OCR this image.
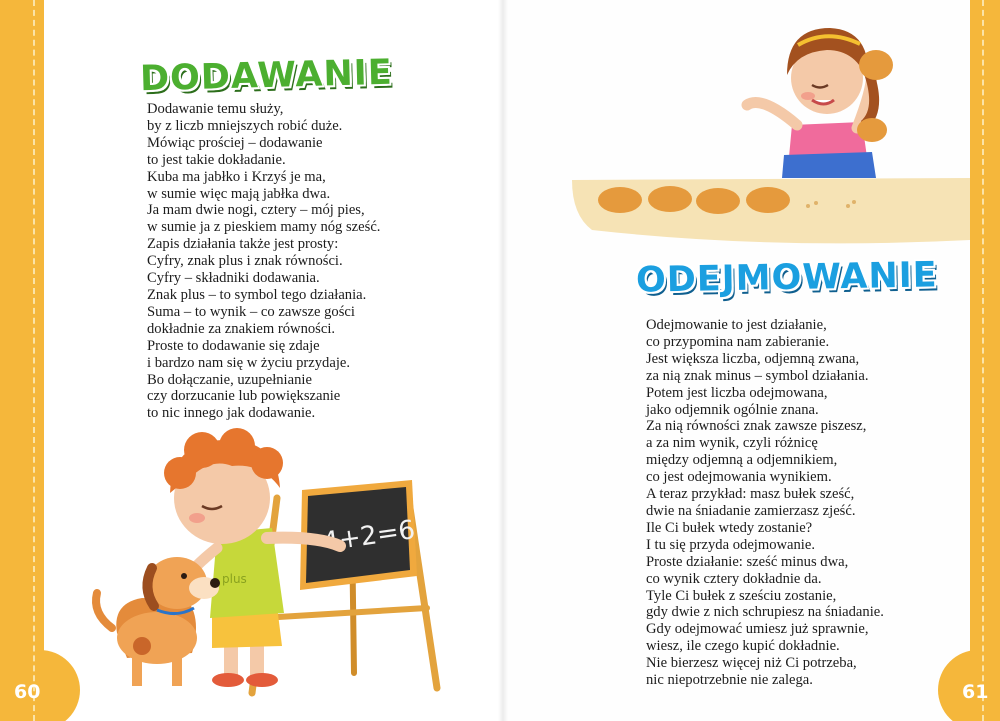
DODAWANIE
Dodawanie temu służy,
by z liczb mniejszych robić duże.
Mówiąc prościej – dodawanie
to jest takie dokładanie.
Kuba ma jabłko i Krzyś je ma,
w sumie więc mają jabłka dwa.
Ja mam dwie nogi, cztery – mój pies,
w sumie ja z pieskiem mamy nóg sześć.
Zapis działania także jest prosty:
Cyfry, znak plus i znak równości.
Cyfry – składniki dodawania.
Znak plus – to symbol tego działania.
Suma – to wynik – co zawsze gości
dokładnie za znakiem równości.
Proste to dodawanie się zdaje
i bardzo nam się w życiu przydaje.
Bo dołączanie, uzupełnianie
czy dorzucanie lub powiększanie
to nic innego jak dodawanie.
4+2=6
plus
ODEJMOWANIE
Odejmowanie to jest działanie,
co przypomina nam zabieranie.
Jest większa liczba, odjemną zwana,
za nią znak minus – symbol działania.
Potem jest liczba odejmowana,
jako odjemnik ogólnie znana.
Za nią równości znak zawsze piszesz,
a za nim wynik, czyli różnicę
między odjemną a odjemnikiem,
co jest odejmowania wynikiem.
A teraz przykład: masz bułek sześć,
dwie na śniadanie zamierzasz zjeść.
Ile Ci bułek wtedy zostanie?
I tu się przyda odejmowanie.
Proste działanie: sześć minus dwa,
co wynik cztery dokładnie da.
Tyle Ci bułek z sześciu zostanie,
gdy dwie z nich schrupiesz na śniadanie.
Gdy odejmować umiesz już sprawnie,
wiesz, ile czego kupić dokładnie.
Nie bierzesz więcej niż Ci potrzeba,
nic niepotrzebnie nie zalega.
60	61
